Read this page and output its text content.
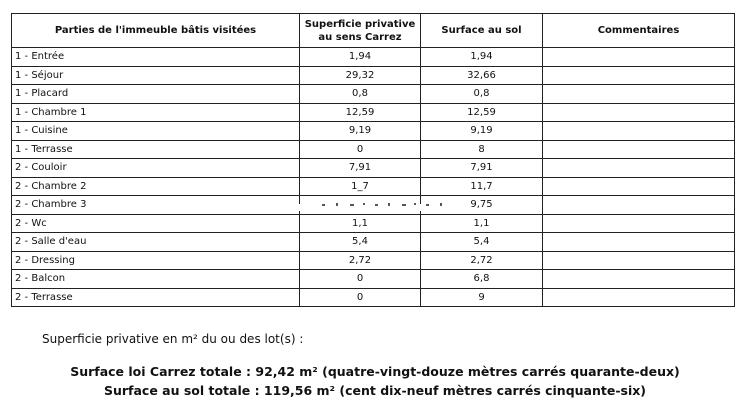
Parties de l'immeuble bâtis visitées	Superficie privative au sens Carrez	Surface au sol	Commentaires
1 - Entrée	1,94	1,94	
1 - Séjour	29,32	32,66	
1 - Placard	0,8	0,8	
1 - Chambre 1	12,59	12,59	
1 - Cuisine	9,19	9,19	
1 - Terrasse	0	8	
2 - Couloir	7,91	7,91	
2 - Chambre 2	1_7	11,7	
2 - Chambre 3		9,75	
2 - Wc	1,1	1,1	
2 - Salle d'eau	5,4	5,4	
2 - Dressing	2,72	2,72	
2 - Balcon	0	6,8	
2 - Terrasse	0	9	
Superficie privative en m² du ou des lot(s) :
Surface loi Carrez totale : 92,42 m² (quatre-vingt-douze mètres carrés quarante-deux)
Surface au sol totale : 119,56 m² (cent dix-neuf mètres carrés cinquante-six)
